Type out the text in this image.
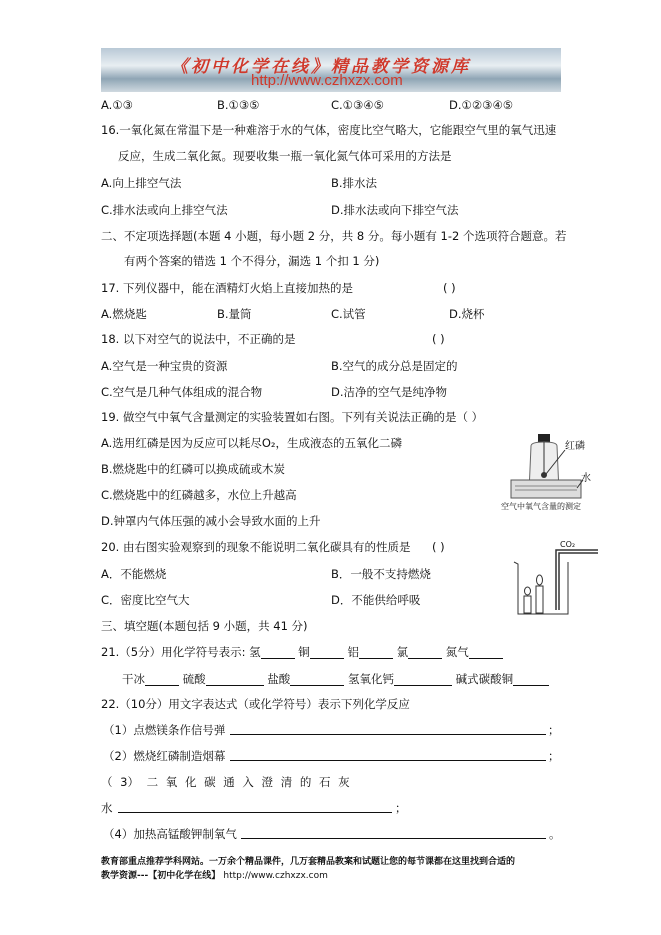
《初中化学在线》精品教学资源库
http://www.czhxzx.com
A.①③	B.①③⑤	C.①③④⑤	D.①②③④⑤
16.一氧化氮在常温下是一种难溶于水的气体，密度比空气略大，它能跟空气里的氧气迅速
反应，生成二氧化氮。现要收集一瓶一氧化氮气体可采用的方法是
A.向上排空气法	B.排水法
C.排水法或向上排空气法	D.排水法或向下排空气法
二、不定项选择题(本题 4 小题，每小题 2 分，共 8 分。每小题有 1-2 个选项符合题意。若
有两个答案的错选 1 个不得分，漏选 1 个扣 1 分)
17. 下列仪器中，能在酒精灯火焰上直接加热的是	( )
A.燃烧匙	B.量筒	C.试管	D.烧杯
18. 以下对空气的说法中，不正确的是	( )
A.空气是一种宝贵的资源	B.空气的成分总是固定的
C.空气是几种气体组成的混合物	D.洁净的空气是纯净物
19. 做空气中氧气含量测定的实验装置如右图。下列有关说法正确的是（ ）
A.选用红磷是因为反应可以耗尽O₂，生成液态的五氧化二磷
B.燃烧匙中的红磷可以换成硫或木炭
C.燃烧匙中的红磷越多，水位上升越高
D.钟罩内气体压强的减小会导致水面的上升
红磷
水
空气中氧气含量的测定
20. 由右图实验观察到的现象不能说明二氧化碳具有的性质是 ( )
A．不能燃烧	B．一般不支持燃烧
C．密度比空气大	D．不能供给呼吸
CO₂
三、填空题(本题包括 9 小题，共 41 分)
21.（5分）用化学符号表示: 氢	铜	铝	氯	氮气
干冰	硫酸	盐酸	氢氧化钙	碱式碳酸铜
22.（10分）用文字表达式（或化学符号）表示下列化学反应
（1）点燃镁条作信号弹	；
（2）燃烧红磷制造烟幕	；
（ 3） 二 氧 化 碳 通 入 澄 清 的 石 灰
水	；
（4）加热高锰酸钾制氧气	。
教育部重点推荐学科网站。一万余个精品课件，几万套精品教案和试题让您的每节课都在这里找到合适的
教学资源---【初中化学在线】 http://www.czhxzx.com
